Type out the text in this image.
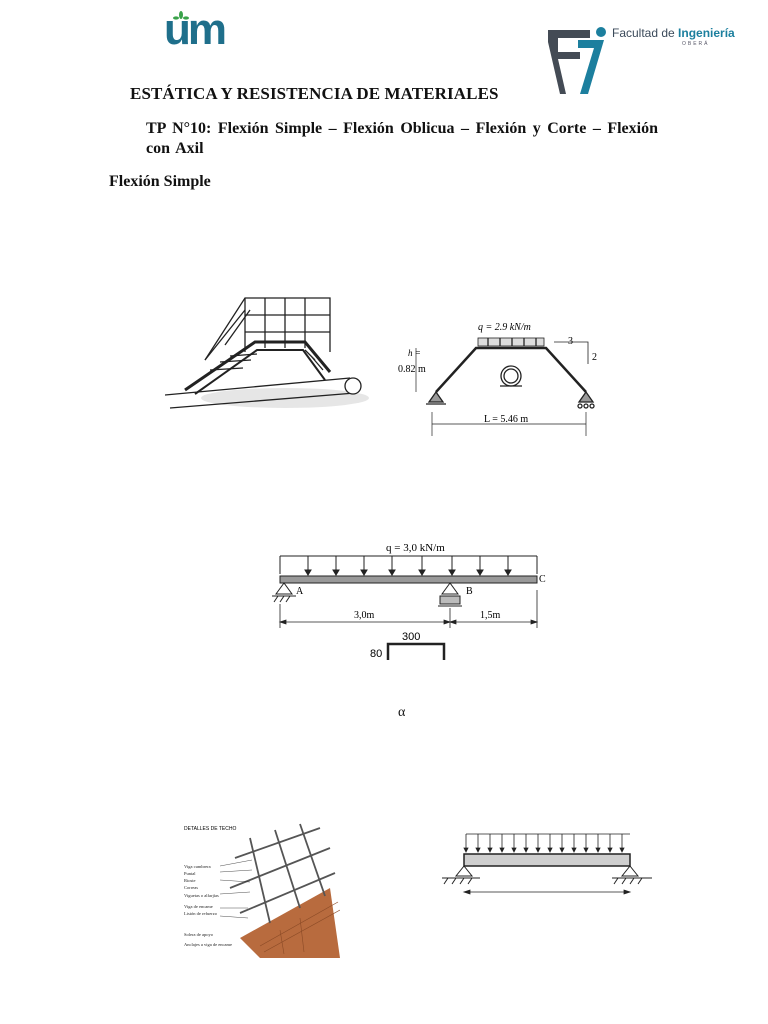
um	Facultad de Ingeniería
OBERÁ
ESTÁTICA Y RESISTENCIA DE MATERIALES
TP N°10: Flexión Simple – Flexión Oblicua – Flexión y Corte – Flexión con Axil
Flexión Simple
q = 2.9 kN/m
h =
0.82 m
L = 5.46 m
3
2
q = 3,0 kN/m
A	B
C
3,0m	1,5m
300
80
α
DETALLES DE TECHO
Viga cumbrera
Puntal
Rioste
Correas
Viguetas o alfarjías
Viga de encame
Listón de refuerzo
Solera de apoyo
Anclajes a viga de encame
